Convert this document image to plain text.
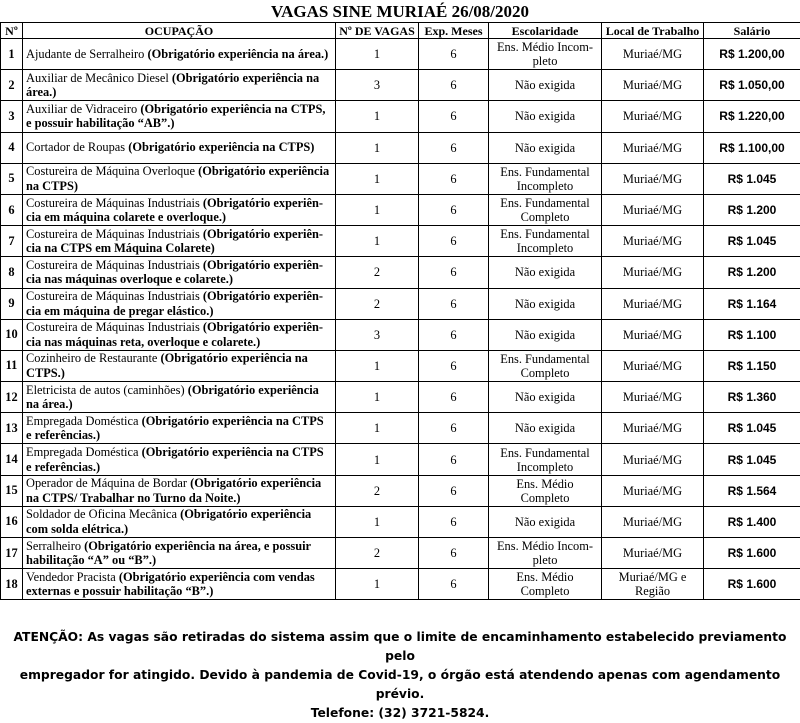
VAGAS SINE MURIAÉ 26/08/2020
Nº	OCUPAÇÃO	Nº DE VAGAS	Exp. Meses	Escolaridade	Local de Trabalho	Salário
1	Ajudante de Serralheiro (Obrigatório experiência na área.)	1	6	Ens. Médio Incom-pleto	Muriaé/MG	R$ 1.200,00
2	Auxiliar de Mecânico Diesel (Obrigatório experiência na área.)	3	6	Não exigida	Muriaé/MG	R$ 1.050,00
3	Auxiliar de Vidraceiro (Obrigatório experiência na CTPS, e possuir habilitação “AB”.)	1	6	Não exigida	Muriaé/MG	R$ 1.220,00
4	Cortador de Roupas (Obrigatório experiência na CTPS)	1	6	Não exigida	Muriaé/MG	R$ 1.100,00
5	Costureira de Máquina Overloque (Obrigatório experiência na CTPS)	1	6	Ens. Fundamental Incompleto	Muriaé/MG	R$ 1.045
6	Costureira de Máquinas Industriais (Obrigatório experiên-cia em máquina colarete e overloque.)	1	6	Ens. Fundamental Completo	Muriaé/MG	R$ 1.200
7	Costureira de Máquinas Industriais (Obrigatório experiên-cia na CTPS em Máquina Colarete)	1	6	Ens. Fundamental Incompleto	Muriaé/MG	R$ 1.045
8	Costureira de Máquinas Industriais (Obrigatório experiên-cia nas máquinas overloque e colarete.)	2	6	Não exigida	Muriaé/MG	R$ 1.200
9	Costureira de Máquinas Industriais (Obrigatório experiên-cia em máquina de pregar elástico.)	2	6	Não exigida	Muriaé/MG	R$ 1.164
10	Costureira de Máquinas Industriais (Obrigatório experiên-cia nas máquinas reta, overloque e colarete.)	3	6	Não exigida	Muriaé/MG	R$ 1.100
11	Cozinheiro de Restaurante (Obrigatório experiência na CTPS.)	1	6	Ens. Fundamental Completo	Muriaé/MG	R$ 1.150
12	Eletricista de autos (caminhões) (Obrigatório experiência na área.)	1	6	Não exigida	Muriaé/MG	R$ 1.360
13	Empregada Doméstica (Obrigatório experiência na CTPS e referências.)	1	6	Não exigida	Muriaé/MG	R$ 1.045
14	Empregada Doméstica (Obrigatório experiência na CTPS e referências.)	1	6	Ens. Fundamental Incompleto	Muriaé/MG	R$ 1.045
15	Operador de Máquina de Bordar (Obrigatório experiência na CTPS/ Trabalhar no Turno da Noite.)	2	6	Ens. Médio Completo	Muriaé/MG	R$ 1.564
16	Soldador de Oficina Mecânica (Obrigatório experiência com solda elétrica.)	1	6	Não exigida	Muriaé/MG	R$ 1.400
17	Serralheiro (Obrigatório experiência na área, e possuir habilitação “A” ou “B”.)	2	6	Ens. Médio Incom-pleto	Muriaé/MG	R$ 1.600
18	Vendedor Pracista (Obrigatório experiência com vendas externas e possuir habilitação “B”.)	1	6	Ens. Médio Completo	Muriaé/MG e Região	R$ 1.600
ATENÇÃO: As vagas são retiradas do sistema assim que o limite de encaminhamento estabelecido previamento pelo
empregador for atingido. Devido à pandemia de Covid-19, o órgão está atendendo apenas com agendamento prévio.
Telefone: (32) 3721-5824.
